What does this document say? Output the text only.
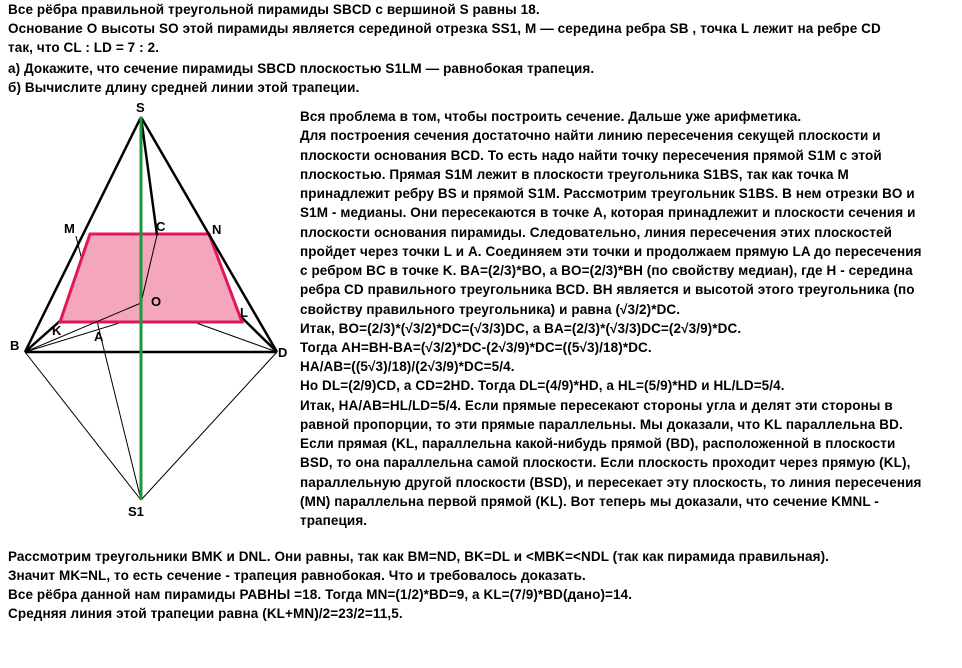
Все рёбра правильной треугольной пирамиды SBCD с вершиной S равны 18.
Основание O высоты SO этой пирамиды является серединой отрезка SS1, M — середина ребра SB , точка L лежит на ребре CD
так, что CL : LD = 7 : 2.
а) Докажите, что сечение пирамиды SBCD плоскостью S1LM — равнобокая трапеция.
б) Вычислите длину средней линии этой трапеции.
S
M	N
C
O
K
L
A
B	D
S1
Вся проблема в том, чтобы построить сечение. Дальше уже арифметика.
Для построения сечения достаточно найти линию пересечения секущей плоскости и
плоскости основания BCD. То есть надо найти точку пересечения прямой S1M с этой
плоскостью. Прямая S1M лежит в плоскости треугольника S1BS, так как точка M
принадлежит ребру BS и прямой S1M. Рассмотрим треугольник S1BS. В нем отрезки BO и
S1M - медианы. Они пересекаются в точке A, которая принадлежит и плоскости сечения и
плоскости основания пирамиды. Следовательно, линия пересечения этих плоскостей
пройдет через точки L и A. Соединяем эти точки и продолжаем прямую LA до пересечения
с ребром BC в точке K. BA=(2/3)*BO, а BO=(2/3)*BH (по свойству медиан), где H - середина
ребра CD правильного треугольника BCD. BH является и высотой этого треугольника (по
свойству правильного треугольника) и равна (√3/2)*DC.
Итак, BO=(2/3)*(√3/2)*DC=(√3/3)DC, а BA=(2/3)*(√3/3)DC=(2√3/9)*DC.
Тогда AH=BH-BA=(√3/2)*DC-(2√3/9)*DC=((5√3)/18)*DC.
HA/AB=((5√3)/18)/(2√3/9)*DC=5/4.
Но DL=(2/9)CD, а CD=2HD. Тогда DL=(4/9)*HD, а HL=(5/9)*HD и HL/LD=5/4.
Итак, HA/AB=HL/LD=5/4. Если прямые пересекают стороны угла и делят эти стороны в
равной пропорции, то эти прямые параллельны. Мы доказали, что KL параллельна BD.
Если прямая (KL, параллельна какой-нибудь прямой (BD), расположенной в плоскости
BSD, то она параллельна самой плоскости. Если плоскость проходит через прямую (KL),
параллельную другой плоскости (BSD), и пересекает эту плоскость, то линия пересечения
(MN) параллельна первой прямой (KL). Вот теперь мы доказали, что сечение KMNL -
трапеция.
Рассмотрим треугольники BMK и DNL. Они равны, так как BM=ND, BK=DL и <MBK=<NDL (так как пирамида правильная).
Значит MK=NL, то есть сечение - трапеция равнобокая. Что и требовалось доказать.
Все рёбра данной нам пирамиды РАВНЫ =18. Тогда MN=(1/2)*BD=9, а KL=(7/9)*BD(дано)=14.
Средняя линия этой трапеции равна (KL+MN)/2=23/2=11,5.
